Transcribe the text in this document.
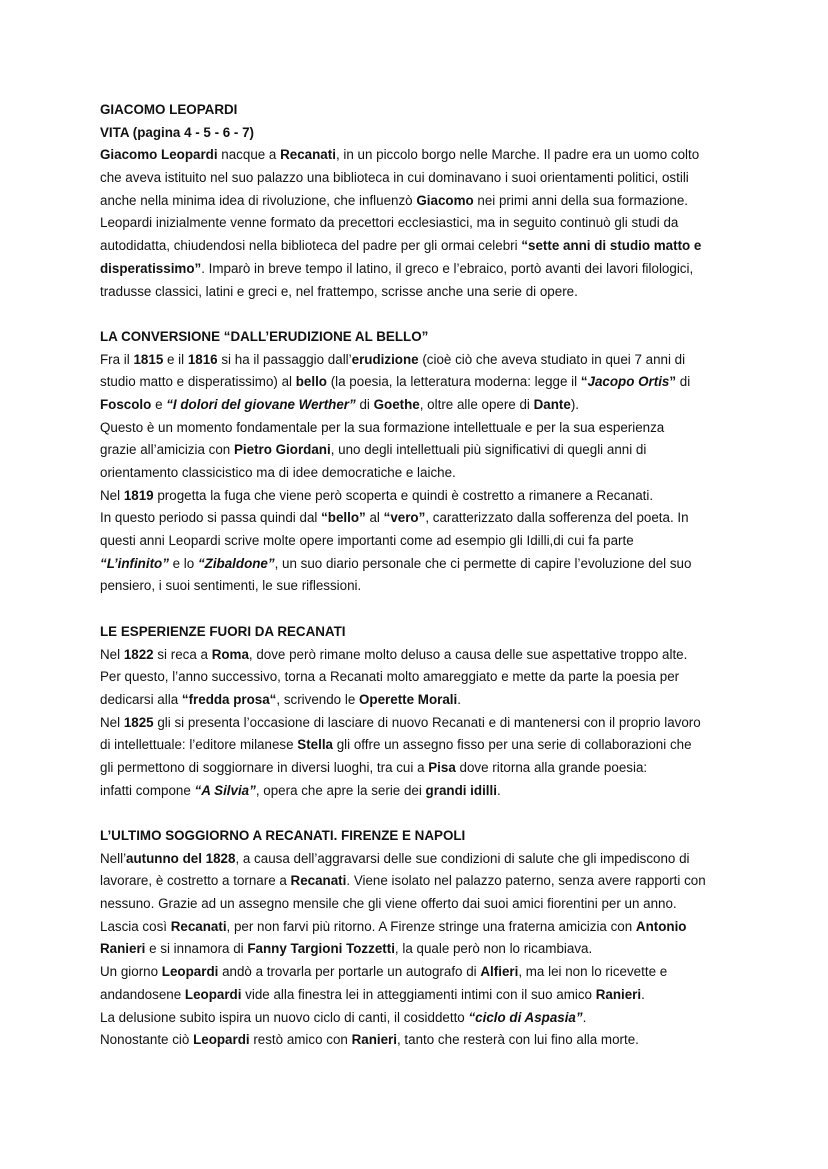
GIACOMO LEOPARDI
VITA (pagina 4 - 5 - 6 - 7)
Giacomo Leopardi nacque a Recanati, in un piccolo borgo nelle Marche. Il padre era un uomo colto
che aveva istituito nel suo palazzo una biblioteca in cui dominavano i suoi orientamenti politici, ostili
anche nella minima idea di rivoluzione, che influenzò Giacomo nei primi anni della sua formazione.
Leopardi inizialmente venne formato da precettori ecclesiastici, ma in seguito continuò gli studi da
autodidatta, chiudendosi nella biblioteca del padre per gli ormai celebri “sette anni di studio matto e
disperatissimo”. Imparò in breve tempo il latino, il greco e l’ebraico, portò avanti dei lavori filologici,
tradusse classici, latini e greci e, nel frattempo, scrisse anche una serie di opere.
LA CONVERSIONE “DALL’ERUDIZIONE AL BELLO”
Fra il 1815 e il 1816 si ha il passaggio dall’erudizione (cioè ciò che aveva studiato in quei 7 anni di
studio matto e disperatissimo) al bello (la poesia, la letteratura moderna: legge il “Jacopo Ortis” di
Foscolo e “I dolori del giovane Werther” di Goethe, oltre alle opere di Dante).
Questo è un momento fondamentale per la sua formazione intellettuale e per la sua esperienza
grazie all’amicizia con Pietro Giordani, uno degli intellettuali più significativi di quegli anni di
orientamento classicistico ma di idee democratiche e laiche.
Nel 1819 progetta la fuga che viene però scoperta e quindi è costretto a rimanere a Recanati.
In questo periodo si passa quindi dal “bello” al “vero”, caratterizzato dalla sofferenza del poeta. In
questi anni Leopardi scrive molte opere importanti come ad esempio gli Idilli,di cui fa parte
“L’infinito” e lo “Zibaldone”, un suo diario personale che ci permette di capire l’evoluzione del suo
pensiero, i suoi sentimenti, le sue riflessioni.
LE ESPERIENZE FUORI DA RECANATI
Nel 1822 si reca a Roma, dove però rimane molto deluso a causa delle sue aspettative troppo alte.
Per questo, l’anno successivo, torna a Recanati molto amareggiato e mette da parte la poesia per
dedicarsi alla “fredda prosa“, scrivendo le Operette Morali.
Nel 1825 gli si presenta l’occasione di lasciare di nuovo Recanati e di mantenersi con il proprio lavoro
di intellettuale: l’editore milanese Stella gli offre un assegno fisso per una serie di collaborazioni che
gli permettono di soggiornare in diversi luoghi, tra cui a Pisa dove ritorna alla grande poesia:
infatti compone “A Silvia”, opera che apre la serie dei grandi idilli.
L’ULTIMO SOGGIORNO A RECANATI. FIRENZE E NAPOLI
Nell’autunno del 1828, a causa dell’aggravarsi delle sue condizioni di salute che gli impediscono di
lavorare, è costretto a tornare a Recanati. Viene isolato nel palazzo paterno, senza avere rapporti con
nessuno. Grazie ad un assegno mensile che gli viene offerto dai suoi amici fiorentini per un anno.
Lascia così Recanati, per non farvi più ritorno. A Firenze stringe una fraterna amicizia con Antonio
Ranieri e si innamora di Fanny Targioni Tozzetti, la quale però non lo ricambiava.
Un giorno Leopardi andò a trovarla per portarle un autografo di Alfieri, ma lei non lo ricevette e
andandosene Leopardi vide alla finestra lei in atteggiamenti intimi con il suo amico Ranieri.
La delusione subito ispira un nuovo ciclo di canti, il cosiddetto “ciclo di Aspasia”.
Nonostante ciò Leopardi restò amico con Ranieri, tanto che resterà con lui fino alla morte.
